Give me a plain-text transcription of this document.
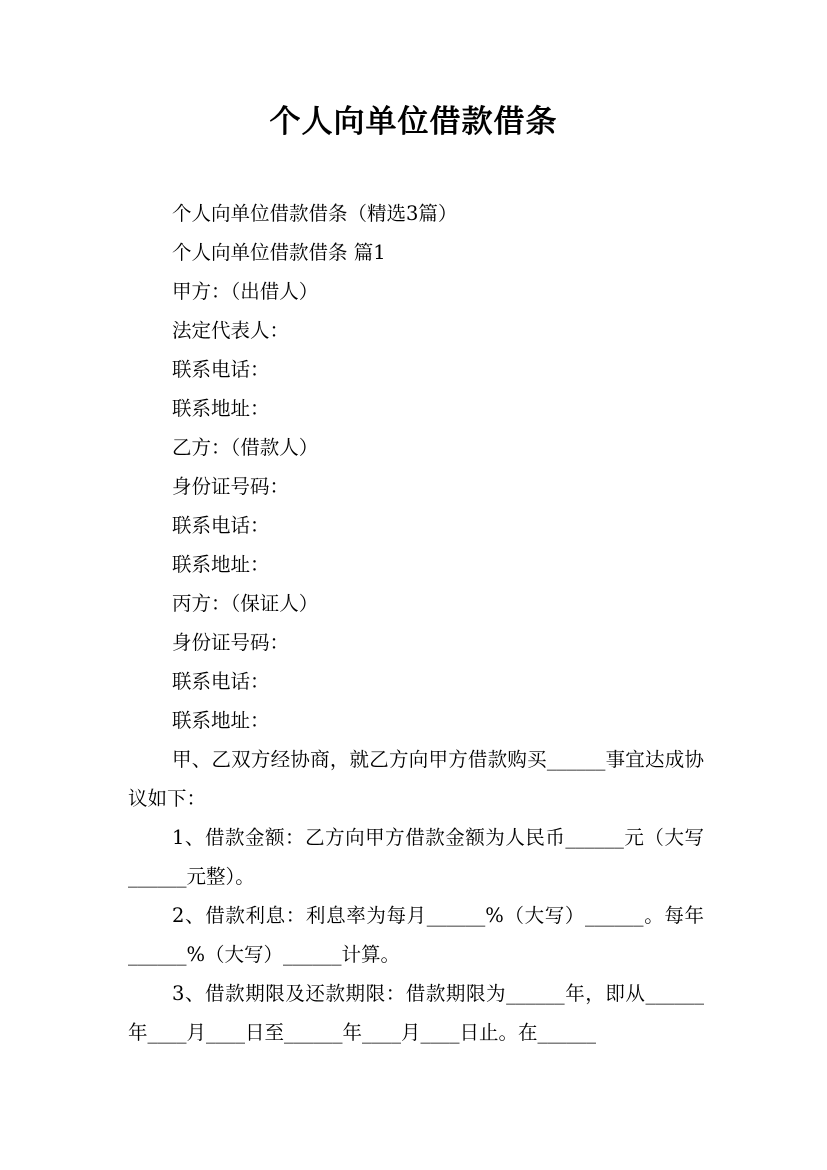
个人向单位借款借条

个人向单位借款借条（精选3篇）

个人向单位借款借条 篇1

甲方：（出借人）

法定代表人：

联系电话：

联系地址：

乙方：（借款人）

身份证号码：

联系电话：

联系地址：

丙方：（保证人）

身份证号码：

联系电话：

联系地址：

甲、乙双方经协商，就乙方向甲方借款购买______事宜达成协议如下：

1、借款金额：乙方向甲方借款金额为人民币______元（大写______元整）。

2、借款利息：利息率为每月______%（大写）______。每年______%（大写）______计算。

3、借款期限及还款期限：借款期限为______年，即从______年____月____日至______年____月____日止。在______
